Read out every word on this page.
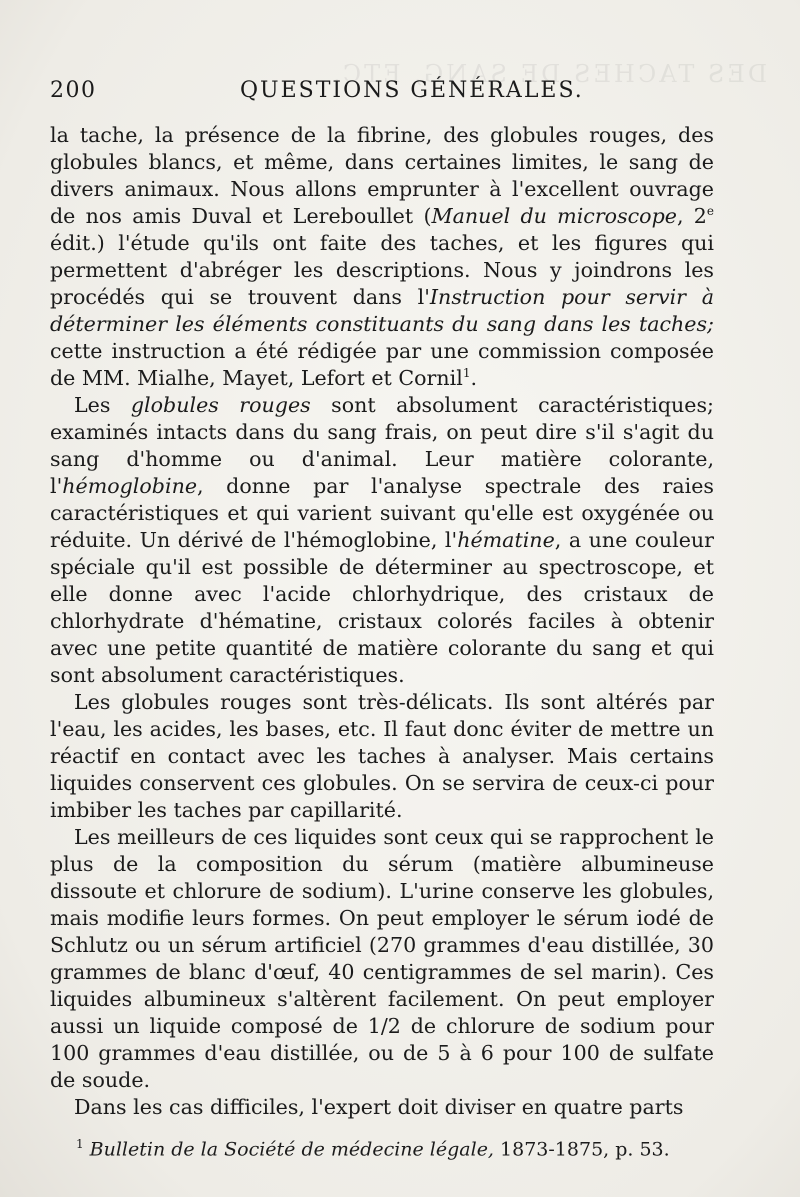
DES TACHES DE SANG, ETC.
200	QUESTIONS GÉNÉRALES.

la tache, la présence de la fibrine, des globules rouges, des globules blancs, et même, dans certaines limites, le sang de divers animaux. Nous allons emprunter à l'excellent ouvrage de nos amis Duval et Lereboullet (Manuel du microscope, 2e édit.) l'étude qu'ils ont faite des taches, et les figures qui permettent d'abréger les descriptions. Nous y joindrons les procédés qui se trouvent dans l'Instruction pour servir à déterminer les éléments constituants du sang dans les taches; cette instruction a été rédigée par une commission composée de MM. Mialhe, Mayet, Lefort et Cornil$^1$.

Les globules rouges sont absolument caractéristiques; examinés intacts dans du sang frais, on peut dire s'il s'agit du sang d'homme ou d'animal. Leur matière colorante, l'hémoglobine, donne par l'analyse spectrale des raies caractéristiques et qui varient suivant qu'elle est oxygénée ou réduite. Un dérivé de l'hémoglobine, l'hématine, a une couleur spéciale qu'il est possible de déterminer au spectroscope, et elle donne avec l'acide chlorhydrique, des cristaux de chlorhydrate d'hématine, cristaux colorés faciles à obtenir avec une petite quantité de matière colorante du sang et qui sont absolument caractéristiques.

Les globules rouges sont très-délicats. Ils sont altérés par l'eau, les acides, les bases, etc. Il faut donc éviter de mettre un réactif en contact avec les taches à analyser. Mais certains liquides conservent ces globules. On se servira de ceux-ci pour imbiber les taches par capillarité.

Les meilleurs de ces liquides sont ceux qui se rapprochent le plus de la composition du sérum (matière albumineuse dissoute et chlorure de sodium). L'urine conserve les globules, mais modifie leurs formes. On peut employer le sérum iodé de Schlutz ou un sérum artificiel (270 grammes d'eau distillée, 30 grammes de blanc d'œuf, 40 centigrammes de sel marin). Ces liquides albumineux s'altèrent facilement. On peut employer aussi un liquide composé de 1/2 de chlorure de sodium pour 100 grammes d'eau distillée, ou de 5 à 6 pour 100 de sulfate de soude.

Dans les cas difficiles, l'expert doit diviser en quatre parts

$^1$ Bulletin de la Société de médecine légale, 1873-1875, p. 53.
